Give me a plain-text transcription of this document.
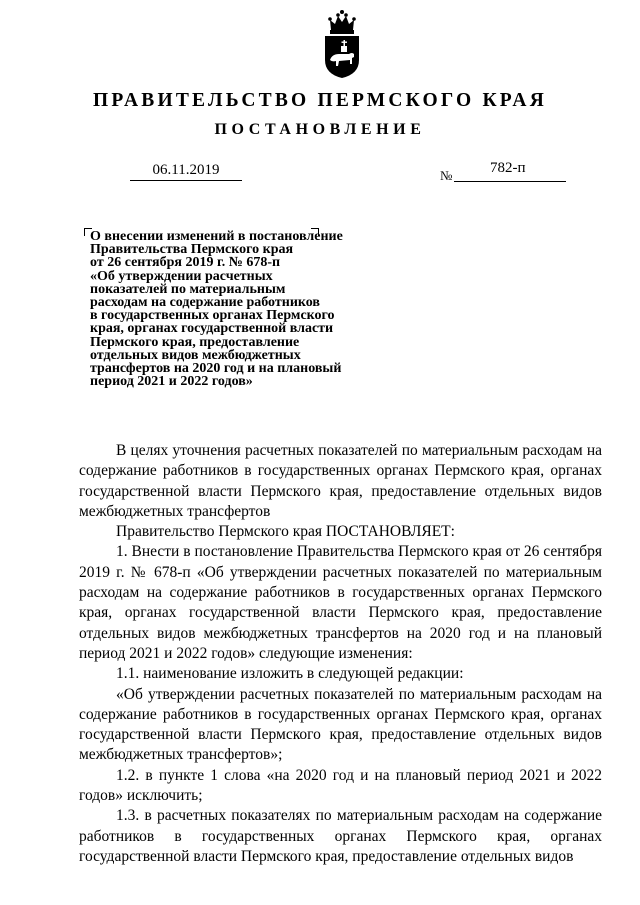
ПРАВИТЕЛЬСТВО ПЕРМСКОГО КРАЯ
ПОСТАНОВЛЕНИЕ
06.11.2019	№	782-п
О внесении изменений в постановление
Правительства Пермского края
от 26 сентября 2019 г. № 678-п
«Об утверждении расчетных
показателей по материальным
расходам на содержание работников
в государственных органах Пермского
края, органах государственной власти
Пермского края, предоставление
отдельных видов межбюджетных
трансфертов на 2020 год и на плановый
период 2021 и 2022 годов»

В целях уточнения расчетных показателей по материальным расходам на содержание работников в государственных органах Пермского края, органах государственной власти Пермского края, предоставление отдельных видов межбюджетных трансфертов

Правительство Пермского края ПОСТАНОВЛЯЕТ:

1. Внести в постановление Правительства Пермского края от 26 сентября 2019 г. № 678-п «Об утверждении расчетных показателей по материальным расходам на содержание работников в государственных органах Пермского края, органах государственной власти Пермского края, предоставление отдельных видов межбюджетных трансфертов на 2020 год и на плановый период 2021 и 2022 годов» следующие изменения:

1.1. наименование изложить в следующей редакции:

«Об утверждении расчетных показателей по материальным расходам на содержание работников в государственных органах Пермского края, органах государственной власти Пермского края, предоставление отдельных видов межбюджетных трансфертов»;

1.2. в пункте 1 слова «на 2020 год и на плановый период 2021 и 2022 годов» исключить;

1.3. в расчетных показателях по материальным расходам на содержание работников в государственных органах Пермского края, органах государственной власти Пермского края, предоставление отдельных видов
